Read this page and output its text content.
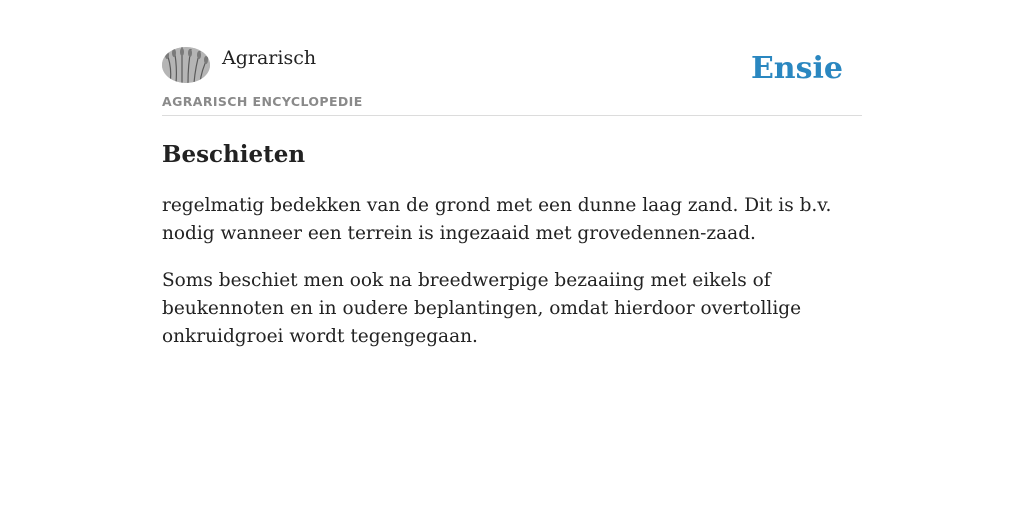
Agrarisch
AGRARISCH ENCYCLOPEDIE
Ensie
Beschieten

regelmatig bedekken van de grond met een dunne laag zand. Dit is b.v. nodig wanneer een terrein is ingezaaid met grovedennen-zaad.

Soms beschiet men ook na breedwerpige bezaaiing met eikels of beukennoten en in oudere beplantingen, omdat hierdoor overtollige onkruidgroei wordt tegengegaan.
